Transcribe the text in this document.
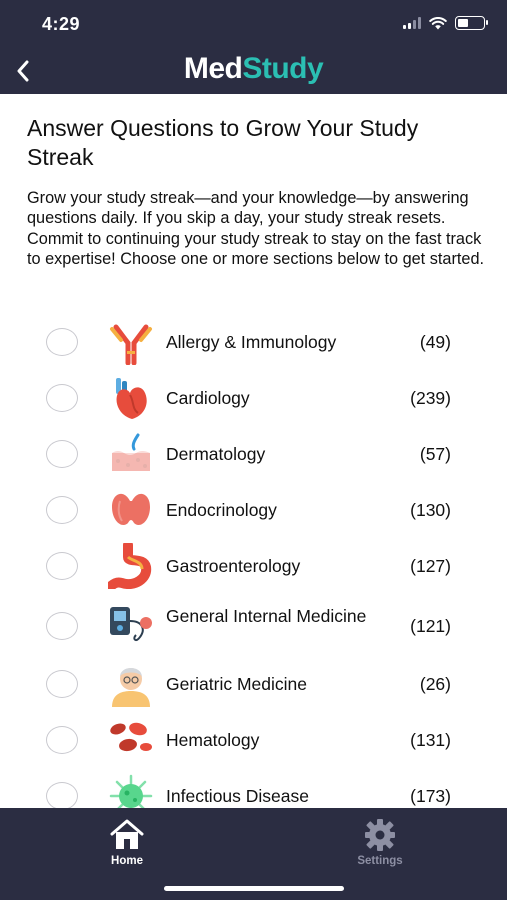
4:29
MedStudy
Answer Questions to Grow Your Study Streak

Grow your study streak—and your knowledge—by answering questions daily. If you skip a day, your study streak resets. Commit to continuing your study streak to stay on the fast track to expertise! Choose one or more sections below to get started.

Allergy & Immunology	(49)
Cardiology	(239)
Dermatology	(57)
Endocrinology	(130)
Gastroenterology	(127)
General Internal Medicine	(121)
Geriatric Medicine	(26)
Hematology	(131)
Infectious Disease	(173)
Home	Settings
